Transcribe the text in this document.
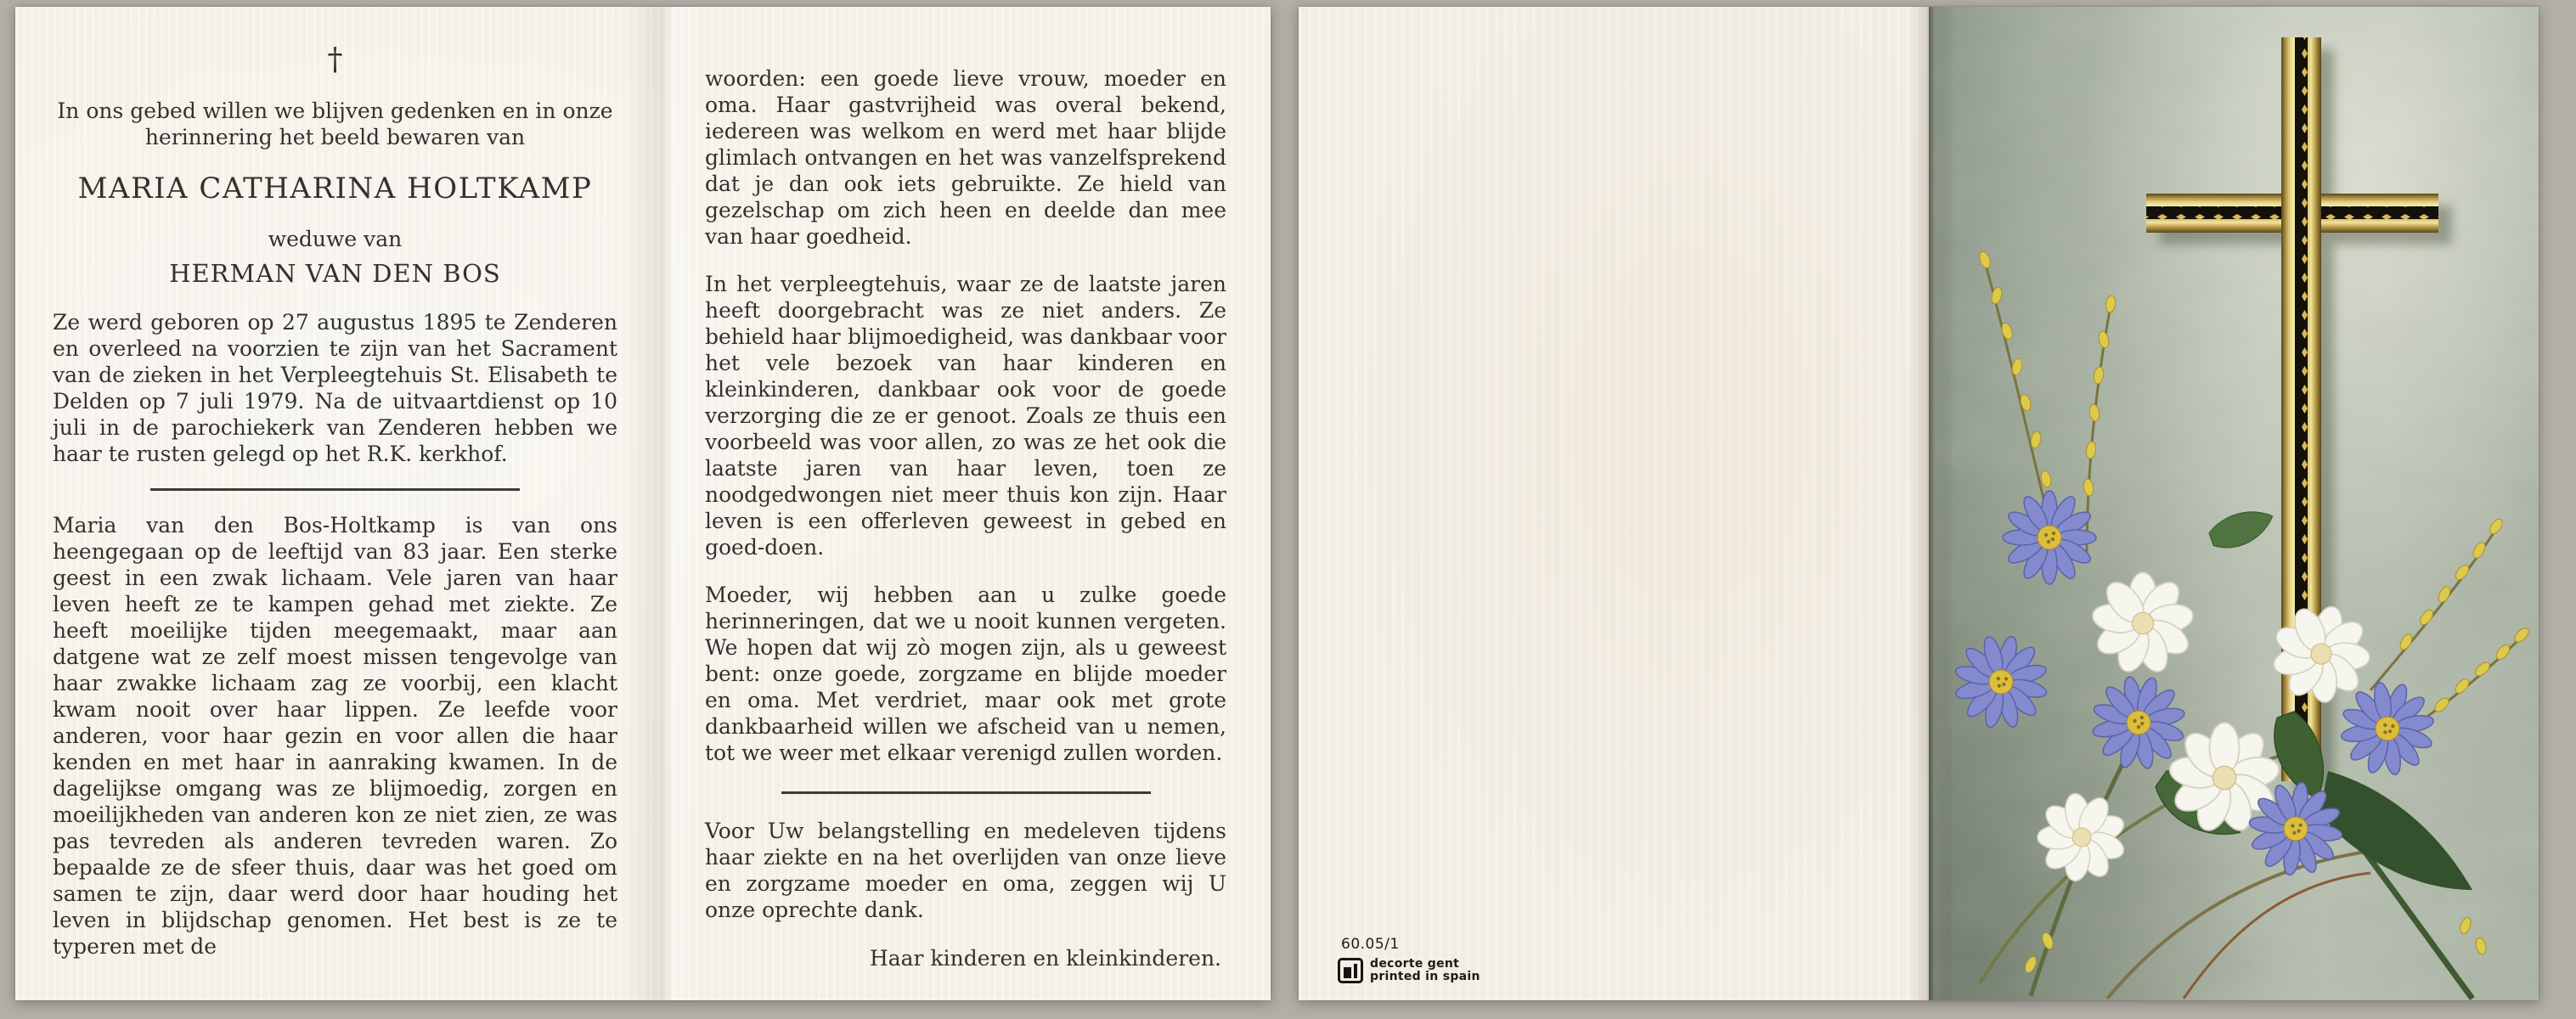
†

In ons gebed willen we blijven gedenken en in onze herinnering het beeld bewaren van

MARIA CATHARINA HOLTKAMP

weduwe van

HERMAN VAN DEN BOS

Ze werd geboren op 27 augustus 1895 te Zenderen en overleed na voorzien te zijn van het Sacrament van de zieken in het Verpleegtehuis St. Elisabeth te Delden op 7 juli 1979. Na de uitvaartdienst op 10 juli in de parochiekerk van Zenderen hebben we haar te rusten gelegd op het R.K. kerkhof.

Maria van den Bos-Holtkamp is van ons heengegaan op de leeftijd van 83 jaar. Een sterke geest in een zwak lichaam. Vele jaren van haar leven heeft ze te kampen gehad met ziekte. Ze heeft moeilijke tijden meegemaakt, maar aan datgene wat ze zelf moest missen tengevolge van haar zwakke lichaam zag ze voorbij, een klacht kwam nooit over haar lippen. Ze leefde voor anderen, voor haar gezin en voor allen die haar kenden en met haar in aanraking kwamen. In de dagelijkse omgang was ze blijmoedig, zorgen en moeilijkheden van anderen kon ze niet zien, ze was pas tevreden als anderen tevreden waren. Zo bepaalde ze de sfeer thuis, daar was het goed om samen te zijn, daar werd door haar houding het leven in blijdschap genomen. Het best is ze te typeren met de

woorden: een goede lieve vrouw, moeder en oma. Haar gastvrijheid was overal bekend, iedereen was welkom en werd met haar blijde glimlach ontvangen en het was vanzelfsprekend dat je dan ook iets gebruikte. Ze hield van gezelschap om zich heen en deelde dan mee van haar goedheid.

In het verpleegtehuis, waar ze de laatste jaren heeft doorgebracht was ze niet anders. Ze behield haar blijmoedigheid, was dankbaar voor het vele bezoek van haar kinderen en kleinkinderen, dankbaar ook voor de goede verzorging die ze er genoot. Zoals ze thuis een voorbeeld was voor allen, zo was ze het ook die laatste jaren van haar leven, toen ze noodgedwongen niet meer thuis kon zijn. Haar leven is een offerleven geweest in gebed en goed-doen.

Moeder, wij hebben aan u zulke goede herinneringen, dat we u nooit kunnen vergeten. We hopen dat wij zò mogen zijn, als u geweest bent: onze goede, zorgzame en blijde moeder en oma. Met verdriet, maar ook met grote dankbaarheid willen we afscheid van u nemen, tot we weer met elkaar verenigd zullen worden.

Voor Uw belangstelling en medeleven tijdens haar ziekte en na het overlijden van onze lieve en zorgzame moeder en oma, zeggen wij U onze oprechte dank.

Haar kinderen en kleinkinderen.

60.05/1
decorte gent
printed in spain
